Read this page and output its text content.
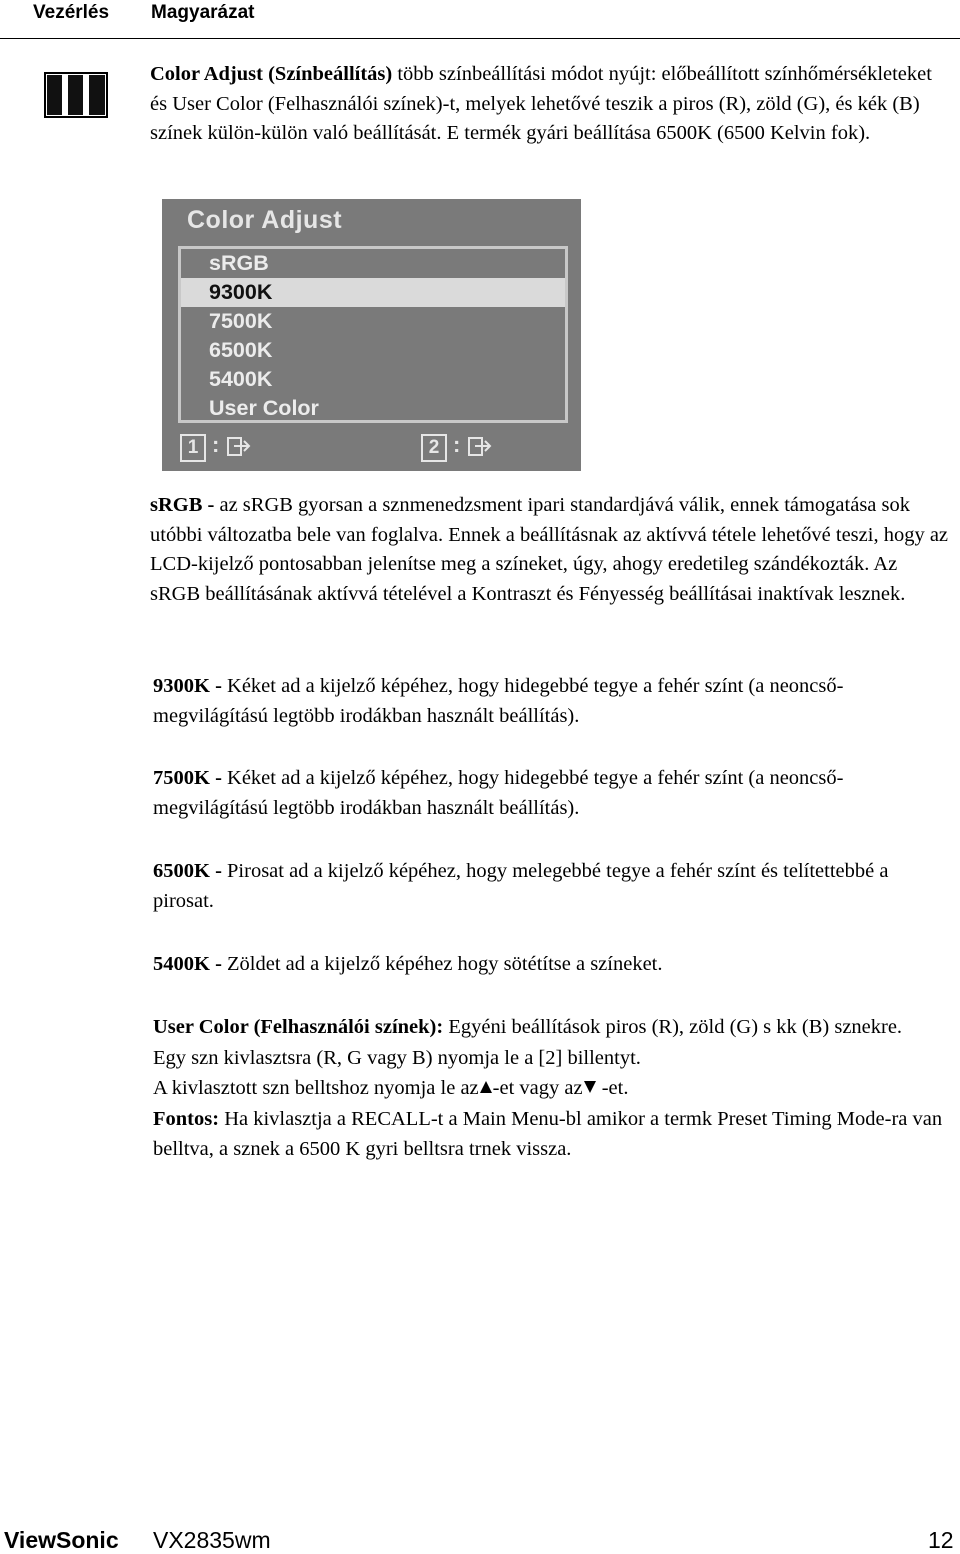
Vezérlés Magyarázat
Color Adjust (Színbeállítás) több színbeállítási módot nyújt: előbeállított színhőmérsékleteket és User Color (Felhasználói színek)-t, melyek lehetővé teszik a piros (R), zöld (G), és kék (B) színek külön-külön való beállítását. E termék gyári beállítása 6500K (6500 Kelvin fok).
Color Adjust
sRGB
9300K
7500K
6500K
5400K
User Color
1 :	2 :
sRGB - az sRGB gyorsan a sznmenedzsment ipari standardjává válik, ennek támogatása sok utóbbi változatba bele van foglalva. Ennek a beállításnak az aktívvá tétele lehetővé teszi, hogy az LCD-kijelző pontosabban jelenítse meg a színeket, úgy, ahogy eredetileg szándékozták. Az sRGB beállításának aktívvá tételével a Kontraszt és Fényesség beállításai inaktívak lesznek.
9300K - Kéket ad a kijelző képéhez, hogy hidegebbé tegye a fehér színt (a neoncső-megvilágítású legtöbb irodákban használt beállítás).
7500K - Kéket ad a kijelző képéhez, hogy hidegebbé tegye a fehér színt (a neoncső-megvilágítású legtöbb irodákban használt beállítás).
6500K - Pirosat ad a kijelző képéhez, hogy melegebbé tegye a fehér színt és telítettebbé a pirosat.
5400K - Zöldet ad a kijelző képéhez hogy sötétítse a színeket.
User Color (Felhasználói színek): Egyéni beállítások piros (R), zöld (G) s kk (B) sznekre.
Egy szn kivlasztsra (R, G vagy B) nyomja le a [2] billentyt.
A kivlasztott szn belltshoz nyomja le az -et vagy az -et.
Fontos: Ha kivlasztja a RECALL-t a Main Menu-bl amikor a termk Preset Timing Mode-ra van belltva, a sznek a 6500 K gyri belltsra trnek vissza.
ViewSonic VX2835wm	12
